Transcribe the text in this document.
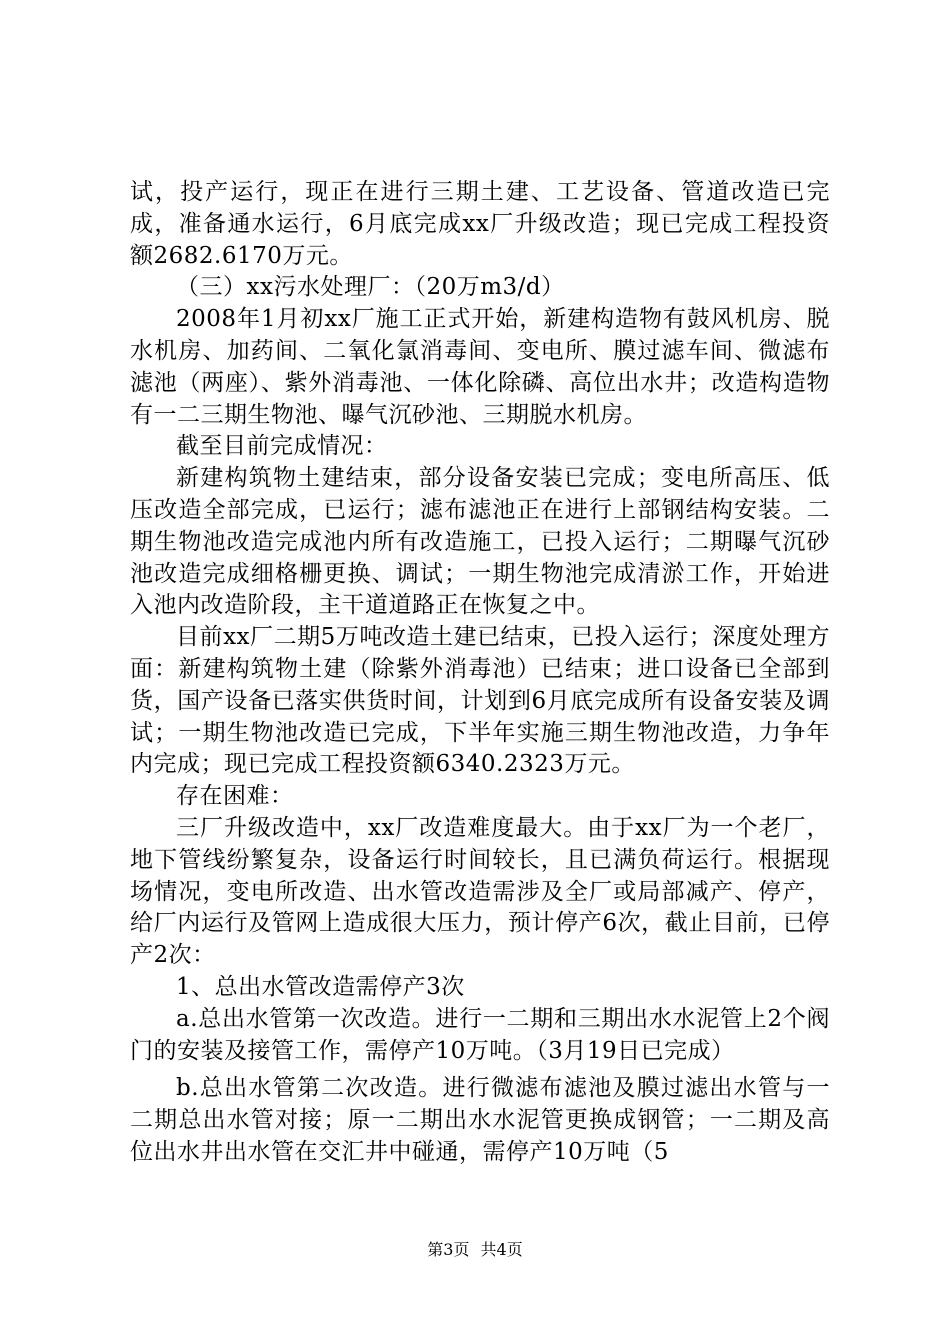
试，投产运行，现正在进行三期土建、工艺设备、管道改造已完成，准备通水运行，6月底完成xx厂升级改造；现已完成工程投资额2682.6170万元。

（三）xx污水处理厂：（20万m3/d）

2008年1月初xx厂施工正式开始，新建构造物有鼓风机房、脱水机房、加药间、二氧化氯消毒间、变电所、膜过滤车间、微滤布滤池（两座）、紫外消毒池、一体化除磷、高位出水井；改造构造物有一二三期生物池、曝气沉砂池、三期脱水机房。

截至目前完成情况：

新建构筑物土建结束，部分设备安装已完成；变电所高压、低压改造全部完成，已运行；滤布滤池正在进行上部钢结构安装。二期生物池改造完成池内所有改造施工，已投入运行；二期曝气沉砂池改造完成细格栅更换、调试；一期生物池完成清淤工作，开始进入池内改造阶段，主干道道路正在恢复之中。

目前xx厂二期5万吨改造土建已结束，已投入运行；深度处理方面：新建构筑物土建（除紫外消毒池）已结束；进口设备已全部到货，国产设备已落实供货时间，计划到6月底完成所有设备安装及调试；一期生物池改造已完成，下半年实施三期生物池改造，力争年内完成；现已完成工程投资额6340.2323万元。

存在困难：

三厂升级改造中，xx厂改造难度最大。由于xx厂为一个老厂，地下管线纷繁复杂，设备运行时间较长，且已满负荷运行。根据现场情况，变电所改造、出水管改造需涉及全厂或局部减产、停产，给厂内运行及管网上造成很大压力，预计停产6次，截止目前，已停产2次：

1、总出水管改造需停产3次

a.总出水管第一次改造。进行一二期和三期出水水泥管上2个阀门的安装及接管工作，需停产10万吨。（3月19日已完成）

b.总出水管第二次改造。进行微滤布滤池及膜过滤出水管与一二期总出水管对接；原一二期出水水泥管更换成钢管；一二期及高位出水井出水管在交汇井中碰通，需停产10万吨（5

第3页 共4页
